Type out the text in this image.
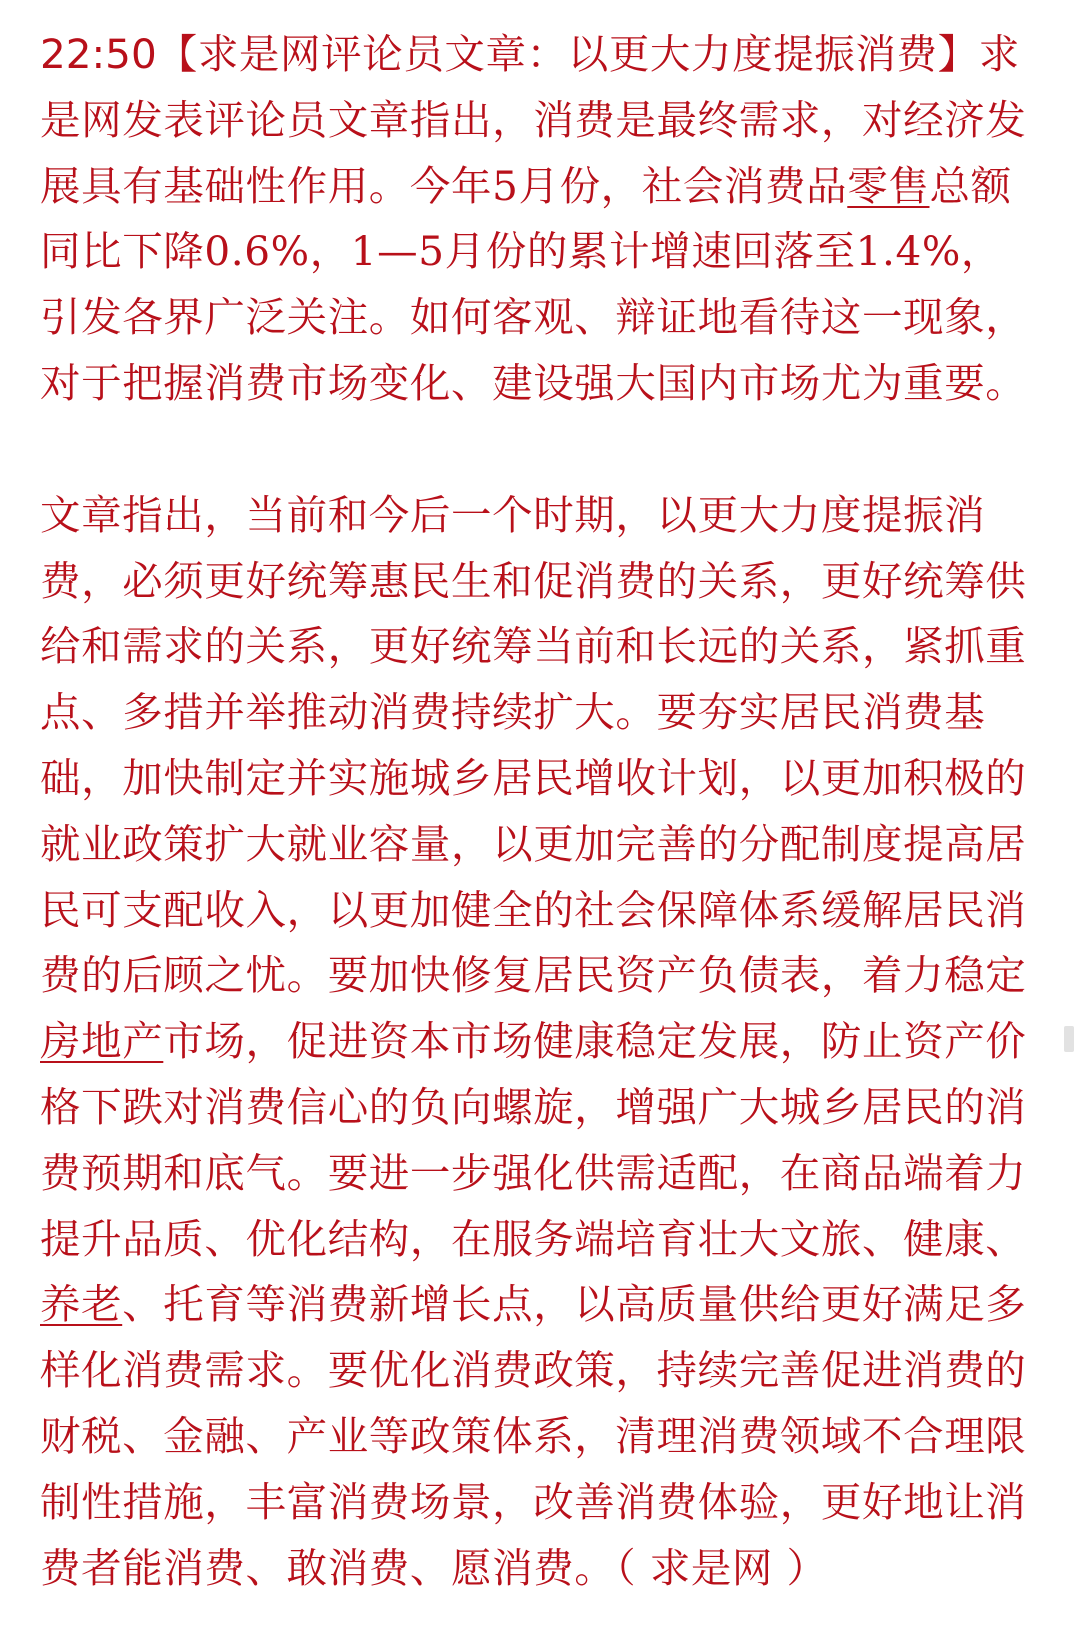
22:50【求是网评论员文章：以更大力度提振消费】求是网发表评论员文章指出，消费是最终需求，对经济发展具有基础性作用。今年5月份，社会消费品零售总额同比下降0.6%，1—5月份的累计增速回落至1.4%，引发各界广泛关注。如何客观、辩证地看待这一现象，对于把握消费市场变化、建设强大国内市场尤为重要。

文章指出，当前和今后一个时期，以更大力度提振消费，必须更好统筹惠民生和促消费的关系，更好统筹供给和需求的关系，更好统筹当前和长远的关系，紧抓重点、多措并举推动消费持续扩大。要夯实居民消费基础，加快制定并实施城乡居民增收计划，以更加积极的就业政策扩大就业容量，以更加完善的分配制度提高居民可支配收入，以更加健全的社会保障体系缓解居民消费的后顾之忧。要加快修复居民资产负债表，着力稳定房地产市场，促进资本市场健康稳定发展，防止资产价格下跌对消费信心的负向螺旋，增强广大城乡居民的消费预期和底气。要进一步强化供需适配，在商品端着力提升品质、优化结构，在服务端培育壮大文旅、健康、养老、托育等消费新增长点，以高质量供给更好满足多样化消费需求。要优化消费政策，持续完善促进消费的财税、金融、产业等政策体系，清理消费领域不合理限制性措施，丰富消费场景，改善消费体验，更好地让消费者能消费、敢消费、愿消费。（ 求是网 ）
